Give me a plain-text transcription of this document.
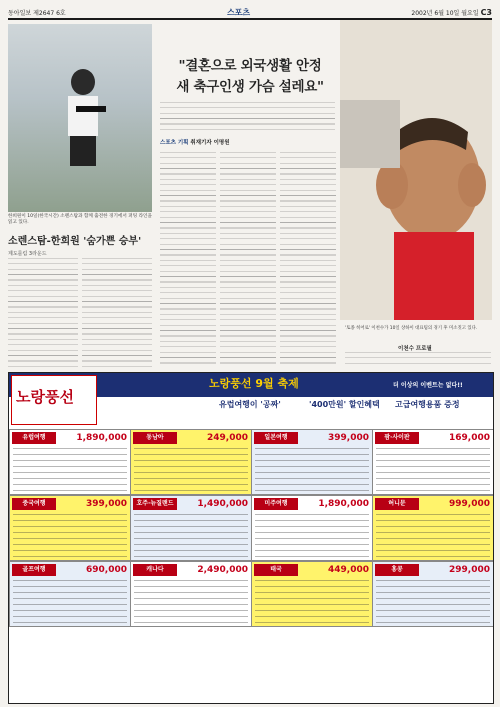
동아일보 제2647 6호	스포츠	2002년 6월 10일 월요일 C3
한희원이 10일(한국시간) 소렌스탐과 함께 출전한 경기에서 퍼팅 라인을 읽고 있다.
소렌스탐-한희원 '숨가쁜 승부'
제도를림 3라운드
"결혼으로 외국생활 안정
새 축구인생 가슴 설레요"
스포츠 기획 취재기자 이명원
'토종 히어로' 이천수가 10일 상하이 대표팀의 경기 후 미소짓고 있다.
이천수 프로필
노랑풍선
노랑풍선 9월 축제	더 이상의 이벤트는 없다!!
유럽여행이 '공짜'	'400만원' 할인혜택 고급여행용품 증정
유럽여행	1,890,000	동남아	249,000	일본여행	399,000	괌·사이판	169,000
중국여행	399,000	호주·뉴질랜드	1,490,000	미주여행	1,890,000	허니문	999,000
골프여행	690,000	캐나다	2,490,000	태국	449,000	홍콩	299,000
